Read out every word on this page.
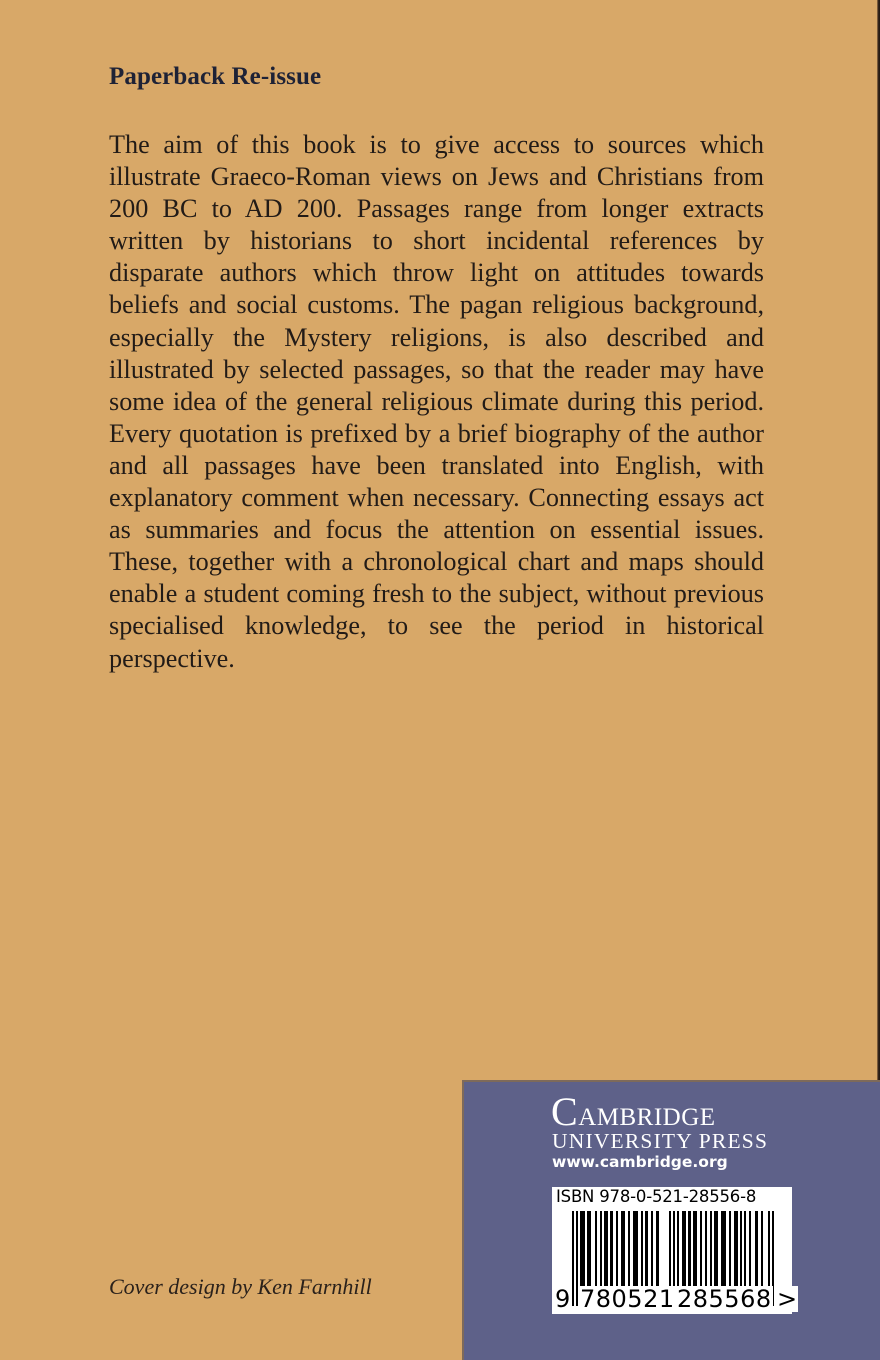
Paperback Re-issue

The aim of this book is to give access to sources which illustrate Graeco-Roman views on Jews and Christians from 200 BC to AD 200. Passages range from longer extracts written by historians to short incidental references by disparate authors which throw light on attitudes towards beliefs and social customs. The pagan religious background, especially the Mystery religions, is also described and illustrated by selected passages, so that the reader may have some idea of the general religious climate during this period. Every quotation is prefixed by a brief biography of the author and all passages have been translated into English, with explanatory comment when necessary. Connecting essays act as summaries and focus the attention on essential issues. These, together with a chronological chart and maps should enable a student coming fresh to the subject, without previous specialised knowledge, to see the period in historical perspective.

Cover design by Ken Farnhill

Cambridge
UNIVERSITY PRESS
www.cambridge.org
ISBN 978-0-521-28556-8
9 780521 285568 >
